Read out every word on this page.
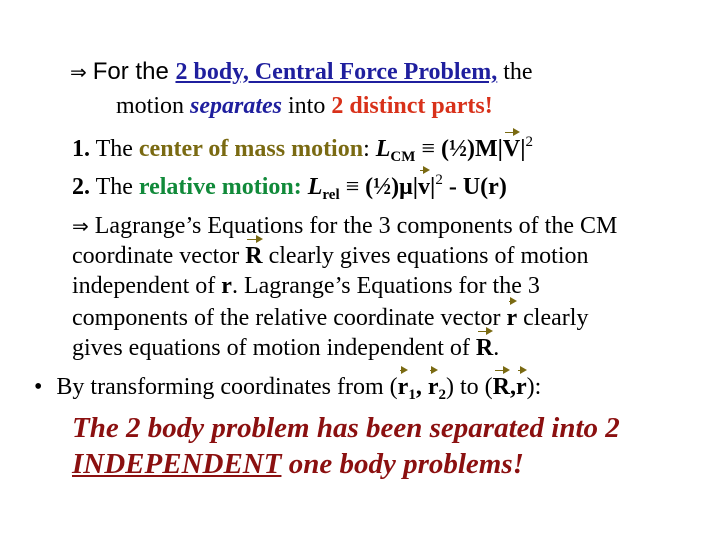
⇒ For the 2 body, Central Force Problem, the
motion separates into 2 distinct parts!
1. The center of mass motion: $L_{CM}$ ≡ $(\frac{1}{2})M|V|^2$
2. The relative motion: $L_{rel}$ ≡ $(\frac{1}{2})\mu|v|^2 - U(r)$
⇒ Lagrange’s Equations for the 3 components of the CM
coordinate vector R clearly gives equations of motion
independent of r. Lagrange’s Equations for the 3
components of the relative coordinate vector r clearly
gives equations of motion independent of R.
• By transforming coordinates from ($r_1$, $r_2$) to (R,r):
The 2 body problem has been separated into 2
INDEPENDENT one body problems!
